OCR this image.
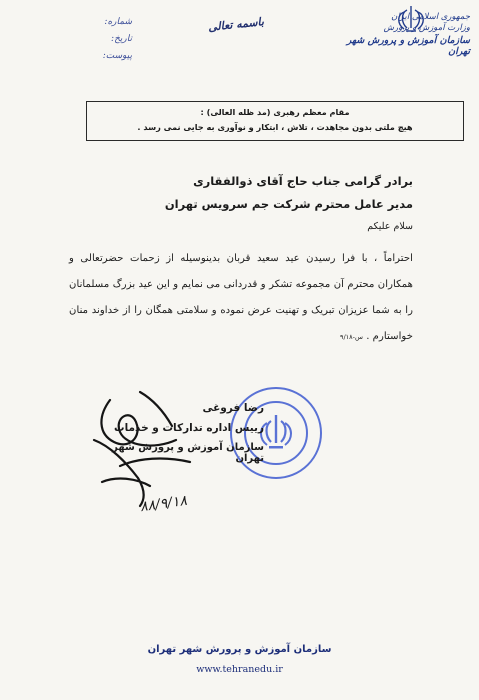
جمهوری اسلامی ایران
وزارت آموزش و پرورش
سازمان آموزش و پرورش شهر تهران
باسمه تعالی
شماره:
تاریخ:
پیوست:
مقام معظم رهبری (مد ظله العالی) :
هیچ ملتی بدون مجاهدت ، تلاش ، ابتکار و نوآوری به جایی نمی رسد .
برادر گرامی جناب حاج آقای ذوالفقاری
مدیر عامل محترم شرکت جم سرویس تهران
سلام علیکم
احتراماً ، با فرا رسیدن عید سعید قربان بدینوسیله از زحمات حضرتعالی و همکاران محترم آن مجموعه تشکر و قدردانی می نمایم و این عید بزرگ مسلمانان را به شما عزیزان تبریک و تهنیت عرض نموده و سلامتی همگان را از خداوند منان خواستارم . س-٩/١٨
رضا فروغی
رییس اداره تدارکات و خدمات
سازمان آموزش و پرورش شهر تهران
٨۸/٩/١٨
سازمان آموزش و پرورش شهر تهران
www.tehranedu.ir
